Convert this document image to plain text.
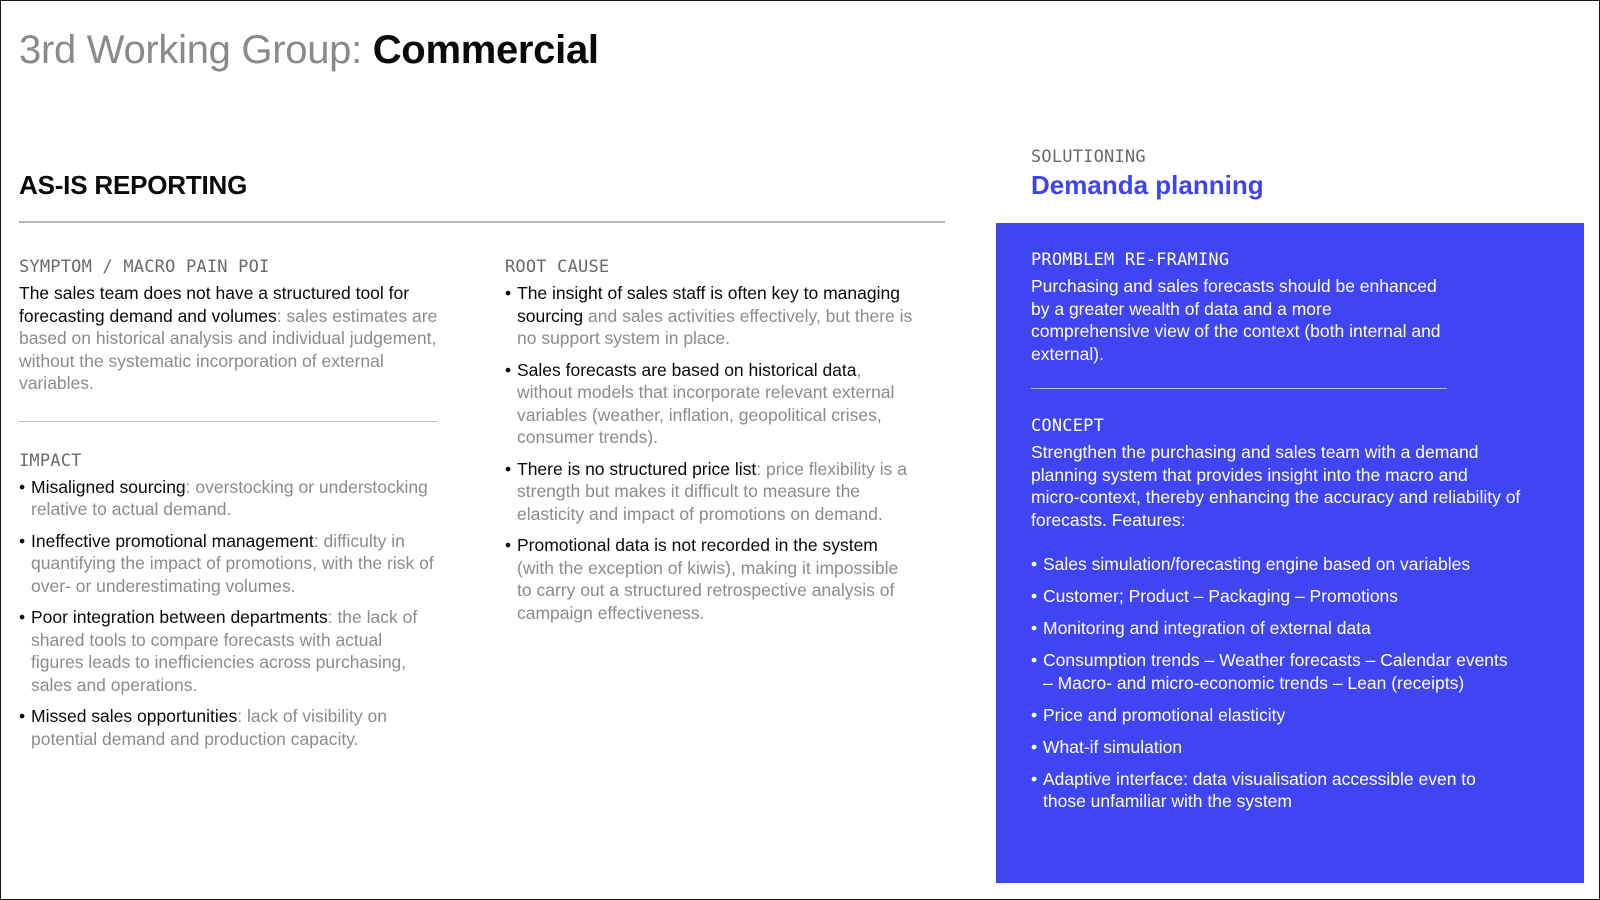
3rd Working Group: Commercial
AS-IS REPORTING
SYMPTOM / MACRO PAIN POI

The sales team does not have a structured tool for forecasting demand and volumes: sales estimates are based on historical analysis and individual judgement, without the systematic incorporation of external variables.

IMPACT
• Misaligned sourcing: overstocking or understocking relative to actual demand.
• Ineffective promotional management: difficulty in quantifying the impact of promotions, with the risk of over- or underestimating volumes.
• Poor integration between departments: the lack of shared tools to compare forecasts with actual figures leads to inefficiencies across purchasing, sales and operations.
• Missed sales opportunities: lack of visibility on potential demand and production capacity.
ROOT CAUSE
• The insight of sales staff is often key to managing sourcing and sales activities effectively, but there is no support system in place.
• Sales forecasts are based on historical data, without models that incorporate relevant external variables (weather, inflation, geopolitical crises, consumer trends).
• There is no structured price list: price flexibility is a strength but makes it difficult to measure the elasticity and impact of promotions on demand.
• Promotional data is not recorded in the system (with the exception of kiwis), making it impossible to carry out a structured retrospective analysis of campaign effectiveness.
SOLUTIONING
Demanda planning
PROMBLEM RE-FRAMING

Purchasing and sales forecasts should be enhanced by a greater wealth of data and a more comprehensive view of the context (both internal and external).

CONCEPT

Strengthen the purchasing and sales team with a demand planning system that provides insight into the macro and micro-context, thereby enhancing the accuracy and reliability of forecasts. Features:

• Sales simulation/forecasting engine based on variables
• Customer; Product – Packaging – Promotions
• Monitoring and integration of external data
• Consumption trends – Weather forecasts – Calendar events – Macro- and micro-economic trends – Lean (receipts)
• Price and promotional elasticity
• What-if simulation
• Adaptive interface: data visualisation accessible even to those unfamiliar with the system
